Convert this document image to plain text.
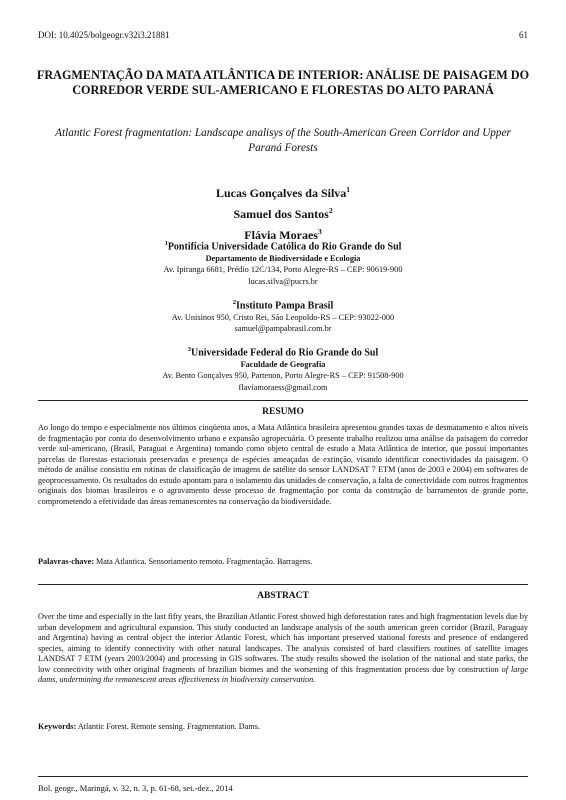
DOI: 10.4025/bolgeogr.v32i3.21881	61
FRAGMENTAÇÃO DA MATA ATLÂNTICA DE INTERIOR: ANÁLISE DE PAISAGEM DO CORREDOR VERDE SUL-AMERICANO E FLORESTAS DO ALTO PARANÁ
Atlantic Forest fragmentation: Landscape analisys of the South-American Green Corridor and Upper Paraná Forests
Lucas Gonçalves da Silva$^1$
Samuel dos Santos$^2$
Flávia Moraes$^3$
$^1$Pontifícia Universidade Católica do Rio Grande do Sul
Departamento de Biodiversidade e Ecologia
Av. Ipiranga 6681, Prédio 12C/134, Porto Alegre-RS – CEP: 90619-900
lucas.silva@pucrs.br
$^2$Instituto Pampa Brasil
Av. Unisinos 950, Cristo Rei, São Leopoldo-RS – CEP: 93022-000
samuel@pampabrasil.com.br
$^3$Universidade Federal do Rio Grande do Sul
Faculdade de Geografia
Av. Bento Gonçalves 950, Partenon, Porto Alegre-RS – CEP: 91508-900
flaviamoraess@gmail.com
RESUMO
Ao longo do tempo e especialmente nos últimos cinqüenta anos, a Mata Atlântica brasileira apresentou grandes taxas de desmatamento e altos níveis de fragmentação por conta do desenvolvimento urbano e expansão agropecuária. O presente trabalho realizou uma análise da paisagem do corredor verde sul-americano, (Brasil, Paraguai e Argentina) tomando como objeto central de estudo a Mata Atlântica de interior, que possui importantes parcelas de florestas estacionais preservadas e presença de espécies ameaçadas de extinção, visando identificar conectividades da paisagem. O método de análise consistiu em rotinas de classificação de imagens de satélite do sensor LANDSAT 7 ETM (anos de 2003 e 2004) em softwares de geoprocessamento. Os resultados do estudo apontam para o isolamento das unidades de conservação, a falta de conectividade com outros fragmentos originais dos biomas brasileiros e o agravamento desse processo de fragmentação por conta da construção de barramentos de grande porte, comprometendo a efetividade das áreas remanescentes na conservação da biodiversidade.
Palavras-chave: Mata Atlantica. Sensoriamento remoto. Fragmentação. Barragens.
ABSTRACT
Over the time and especially in the last fifty years, the Brazilian Atlantic Forest showed high deforestation rates and high fragmentation levels due by urban development and agricultural expansion. This study conducted an landscape analysis of the south american green corridor (Brazil, Paraguay and Argentina) having as central object the interior Atlantic Forest, which has important preserved stational forests and presence of endangered species, aiming to identify connectivity with other natural landscapes. The analysis consisted of hard classifiers routines of satellite images LANDSAT 7 ETM (years 2003/2004) and processing in GIS softwares. The study results showed the isolation of the national and state parks, the low connectivity with other original fragments of brazilian biomes and the worsening of this fragmentation process due by construction of large dams, undermining the remanescent areas effectiveness in biodiversity conservation.
Keywords: Atlantic Forest. Remote sensing. Fragmentation. Dams.
Bol. geogr., Maringá, v. 32, n. 3, p. 61-68, set.-dez., 2014
